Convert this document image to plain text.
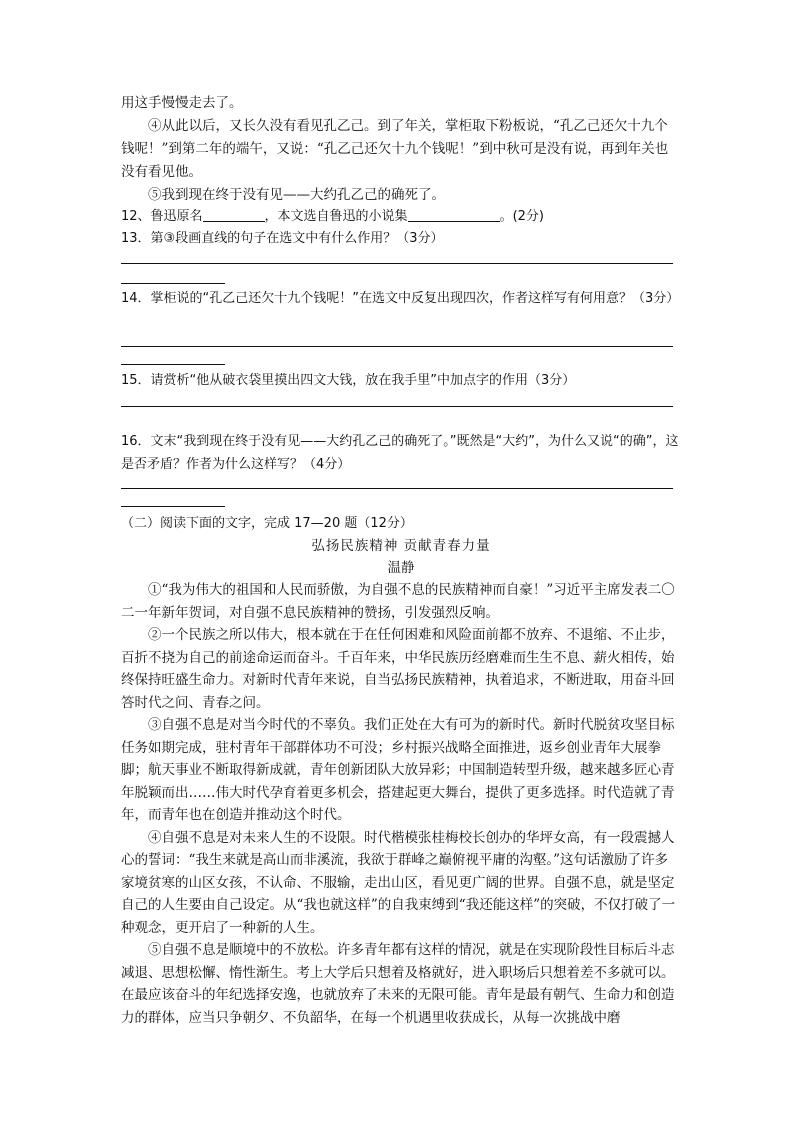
用这手慢慢走去了。

④从此以后，又长久没有看见孔乙己。到了年关，掌柜取下粉板说，“孔乙己还欠十九个钱呢！”到第二年的端午，又说：“孔乙己还欠十九个钱呢！”到中秋可是没有说，再到年关也没有看见他。

⑤我到现在终于没有见——大约孔乙己的确死了。

12、鲁迅原名	，本文选自鲁迅的小说集	。(2分)

13．第③段画直线的句子在选文中有什么作用？（3分）

14．掌柜说的“孔乙己还欠十九个钱呢！”在选文中反复出现四次，作者这样写有何用意？（3分）

15．请赏析“他从破衣袋里摸出四文大钱，放在我手里”中加点字的作用（3分）

16．文末“我到现在终于没有见——大约孔乙己的确死了。”既然是“大约”，为什么又说“的确”，这是否矛盾？作者为什么这样写？（4分）

（二）阅读下面的文字，完成 17—20 题（12分）

弘扬民族精神 贡献青春力量

温静

①“我为伟大的祖国和人民而骄傲，为自强不息的民族精神而自豪！”习近平主席发表二〇二一年新年贺词，对自强不息民族精神的赞扬，引发强烈反响。

②一个民族之所以伟大，根本就在于在任何困难和风险面前都不放弃、不退缩、不止步，百折不挠为自己的前途命运而奋斗。千百年来，中华民族历经磨难而生生不息、薪火相传，始终保持旺盛生命力。对新时代青年来说，自当弘扬民族精神，执着追求，不断进取，用奋斗回答时代之问、青春之问。

③自强不息是对当今时代的不辜负。我们正处在大有可为的新时代。新时代脱贫攻坚目标任务如期完成，驻村青年干部群体功不可没；乡村振兴战略全面推进，返乡创业青年大展拳脚；航天事业不断取得新成就，青年创新团队大放异彩；中国制造转型升级，越来越多匠心青年脱颖而出……伟大时代孕育着更多机会，搭建起更大舞台，提供了更多选择。时代造就了青年，而青年也在创造并推动这个时代。

④自强不息是对未来人生的不设限。时代楷模张桂梅校长创办的华坪女高，有一段震撼人心的誓词：“我生来就是高山而非溪流，我欲于群峰之巅俯视平庸的沟壑。”这句话激励了许多家境贫寒的山区女孩，不认命、不服输，走出山区，看见更广阔的世界。自强不息，就是坚定自己的人生要由自己设定。从“我也就这样”的自我束缚到“我还能这样”的突破，不仅打破了一种观念，更开启了一种新的人生。

⑤自强不息是顺境中的不放松。许多青年都有这样的情况，就是在实现阶段性目标后斗志减退、思想松懈、惰性渐生。考上大学后只想着及格就好，进入职场后只想着差不多就可以。在最应该奋斗的年纪选择安逸，也就放弃了未来的无限可能。青年是最有朝气、生命力和创造力的群体，应当只争朝夕、不负韶华，在每一个机遇里收获成长，从每一次挑战中磨
